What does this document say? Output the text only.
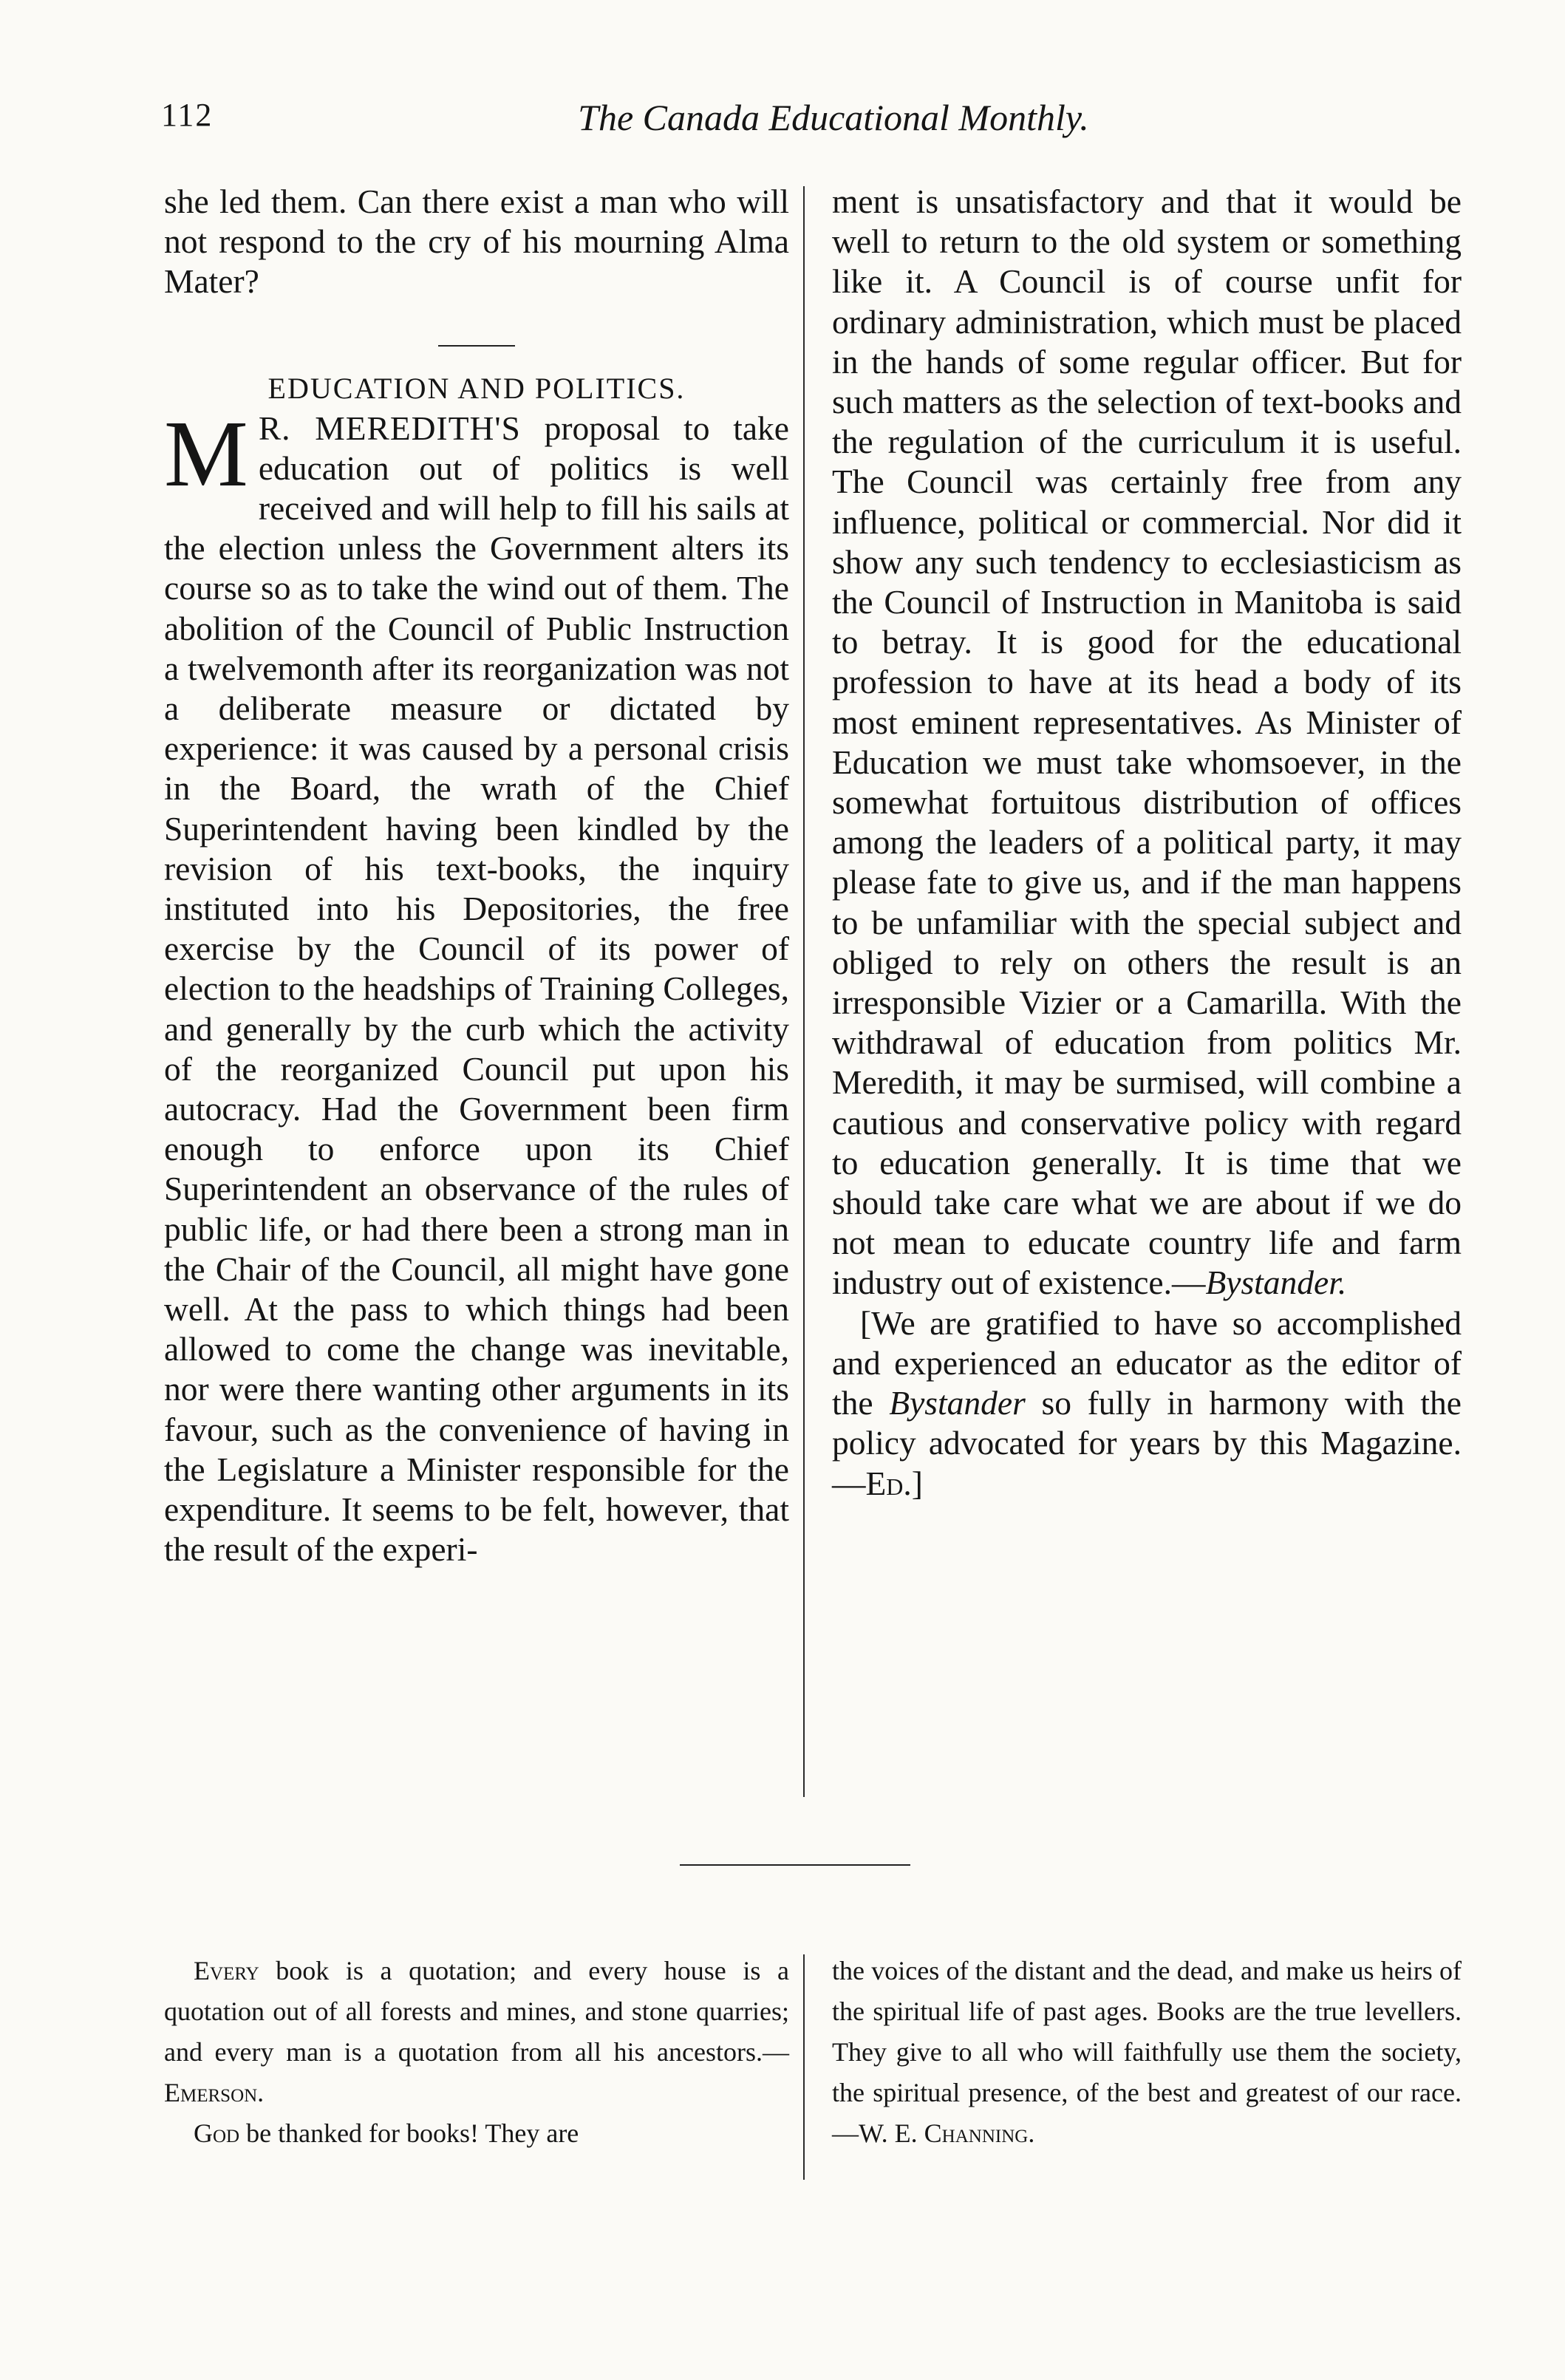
112	The Canada Educational Monthly.

she led them. Can there exist a man who will not respond to the cry of his mourning Alma Mater?

EDUCATION AND POLITICS.

M R. MEREDITH'S proposal to take education out of politics is well received and will help to fill his sails at the election unless the Government alters its course so as to take the wind out of them. The abolition of the Council of Public Instruction a twelvemonth after its reorganization was not a deliberate measure or dictated by experience: it was caused by a personal crisis in the Board, the wrath of the Chief Superintendent having been kindled by the revision of his text-books, the inquiry instituted into his Depositories, the free exercise by the Council of its power of election to the headships of Training Colleges, and generally by the curb which the activity of the reorganized Council put upon his autocracy. Had the Government been firm enough to enforce upon its Chief Superintendent an observance of the rules of public life, or had there been a strong man in the Chair of the Council, all might have gone well. At the pass to which things had been allowed to come the change was inevitable, nor were there wanting other arguments in its favour, such as the convenience of having in the Legislature a Minister responsible for the expenditure. It seems to be felt, however, that the result of the experi-

ment is unsatisfactory and that it would be well to return to the old system or something like it. A Council is of course unfit for ordinary administration, which must be placed in the hands of some regular officer. But for such matters as the selection of text-books and the regulation of the curriculum it is useful. The Council was certainly free from any influence, political or commercial. Nor did it show any such tendency to ecclesiasticism as the Council of Instruction in Manitoba is said to betray. It is good for the educational profession to have at its head a body of its most eminent representatives. As Minister of Education we must take whomsoever, in the somewhat fortuitous distribution of offices among the leaders of a political party, it may please fate to give us, and if the man happens to be unfamiliar with the special subject and obliged to rely on others the result is an irresponsible Vizier or a Camarilla. With the withdrawal of education from politics Mr. Meredith, it may be surmised, will combine a cautious and conservative policy with regard to education generally. It is time that we should take care what we are about if we do not mean to educate country life and farm industry out of existence.—Bystander.

[We are gratified to have so accomplished and experienced an educator as the editor of the Bystander so fully in harmony with the policy advocated for years by this Magazine.—Ed.]

Every book is a quotation; and every house is a quotation out of all forests and mines, and stone quarries; and every man is a quotation from all his ancestors.—Emerson.

God be thanked for books! They are

the voices of the distant and the dead, and make us heirs of the spiritual life of past ages. Books are the true levellers. They give to all who will faithfully use them the society, the spiritual presence, of the best and greatest of our race.—W. E. Channing.
